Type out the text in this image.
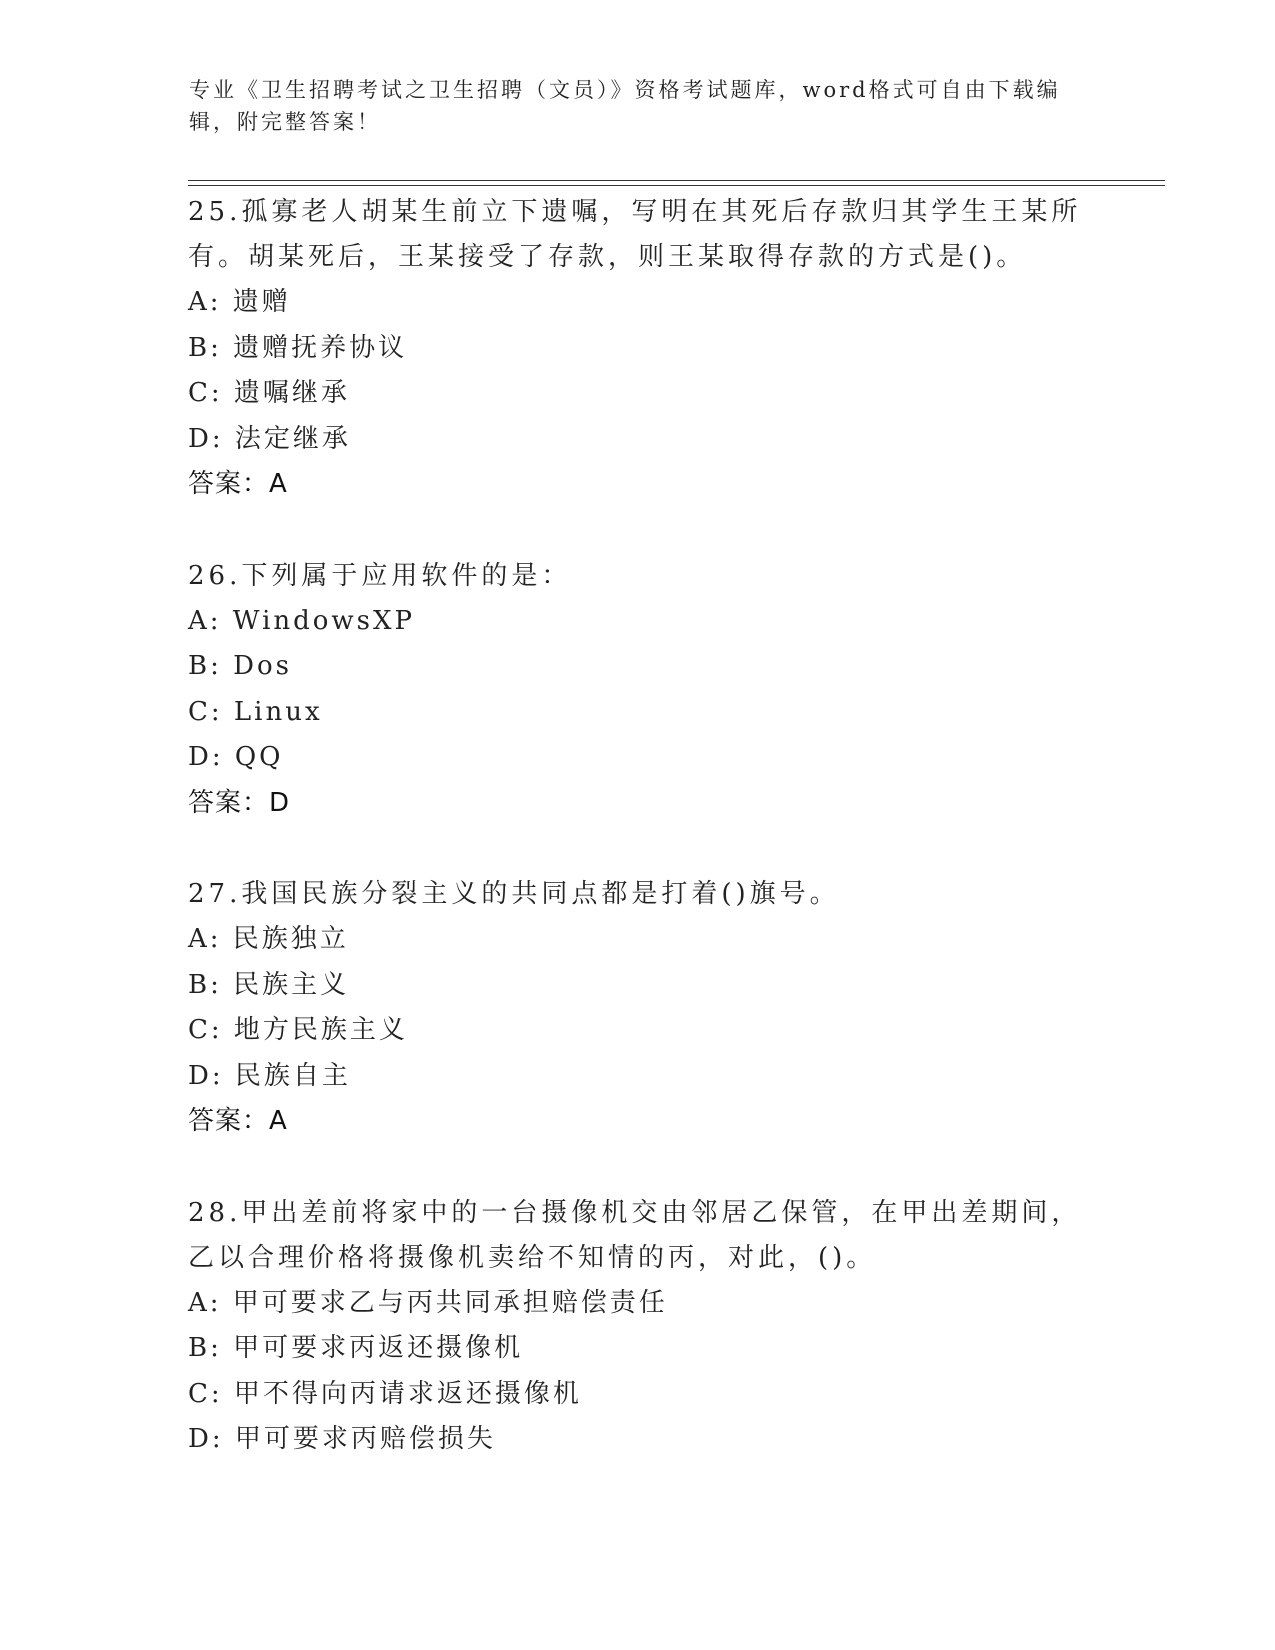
专业《卫生招聘考试之卫生招聘（文员）》资格考试题库，word格式可自由下载编辑，附完整答案！
25.孤寡老人胡某生前立下遗嘱，写明在其死后存款归其学生王某所有。胡某死后，王某接受了存款，则王某取得存款的方式是()。
A: 遗赠
B: 遗赠抚养协议
C: 遗嘱继承
D: 法定继承
答案：A
26.下列属于应用软件的是：
A: WindowsXP
B: Dos
C: Linux
D: QQ
答案：D
27.我国民族分裂主义的共同点都是打着()旗号。
A: 民族独立
B: 民族主义
C: 地方民族主义
D: 民族自主
答案：A
28.甲出差前将家中的一台摄像机交由邻居乙保管，在甲出差期间，乙以合理价格将摄像机卖给不知情的丙，对此，()。
A: 甲可要求乙与丙共同承担赔偿责任
B: 甲可要求丙返还摄像机
C: 甲不得向丙请求返还摄像机
D: 甲可要求丙赔偿损失
